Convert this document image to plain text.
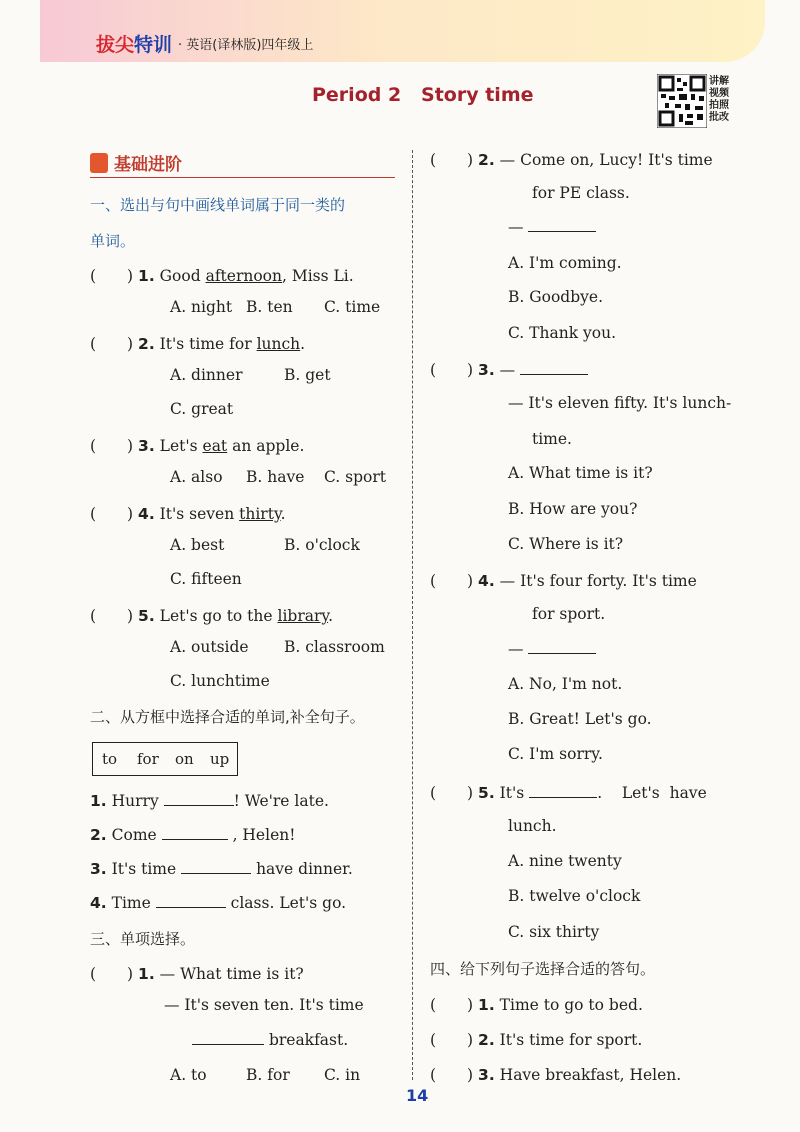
拔尖特训 · 英语(译林版)四年级上
Period 2   Story time
讲解
视频
拍照
批改
基础进阶
一、选出与句中画线单词属于同一类的
单词。
(　　) 1. Good afternoon, Miss Li.
A. night B. ten C. time
(　　) 2. It's time for lunch.
A. dinner	B. get
C. great
(　　) 3. Let's eat an apple.
A. also B. have C. sport
(　　) 4. It's seven thirty.
A. best	B. o'clock
C. fifteen
(　　) 5. Let's go to the library.
A. outside B. classroom
C. lunchtime
二、从方框中选择合适的单词,补全句子。
to for on up
1. Hurry	! We're late.
2. Come	, Helen!
3. It's time	have dinner.
4. Time	class. Let's go.
三、单项选择。
(　　) 1. — What time is it?
— It's seven ten. It's time
breakfast.
A. to	B. for C. in
(　　) 2. — Come on, Lucy! It's time
for PE class.
—
A. I'm coming.
B. Goodbye.
C. Thank you.
(　　) 3. —
— It's eleven fifty. It's lunch-
time.
A. What time is it?
B. How are you?
C. Where is it?
(　　) 4. — It's four forty. It's time
for sport.
—
A. No, I'm not.
B. Great! Let's go.
C. I'm sorry.
(　　) 5. It's	.    Let's  have
lunch.
A. nine twenty
B. twelve o'clock
C. six thirty
四、给下列句子选择合适的答句。
(　　) 1. Time to go to bed.
(　　) 2. It's time for sport.
(　　) 3. Have breakfast, Helen.
14
